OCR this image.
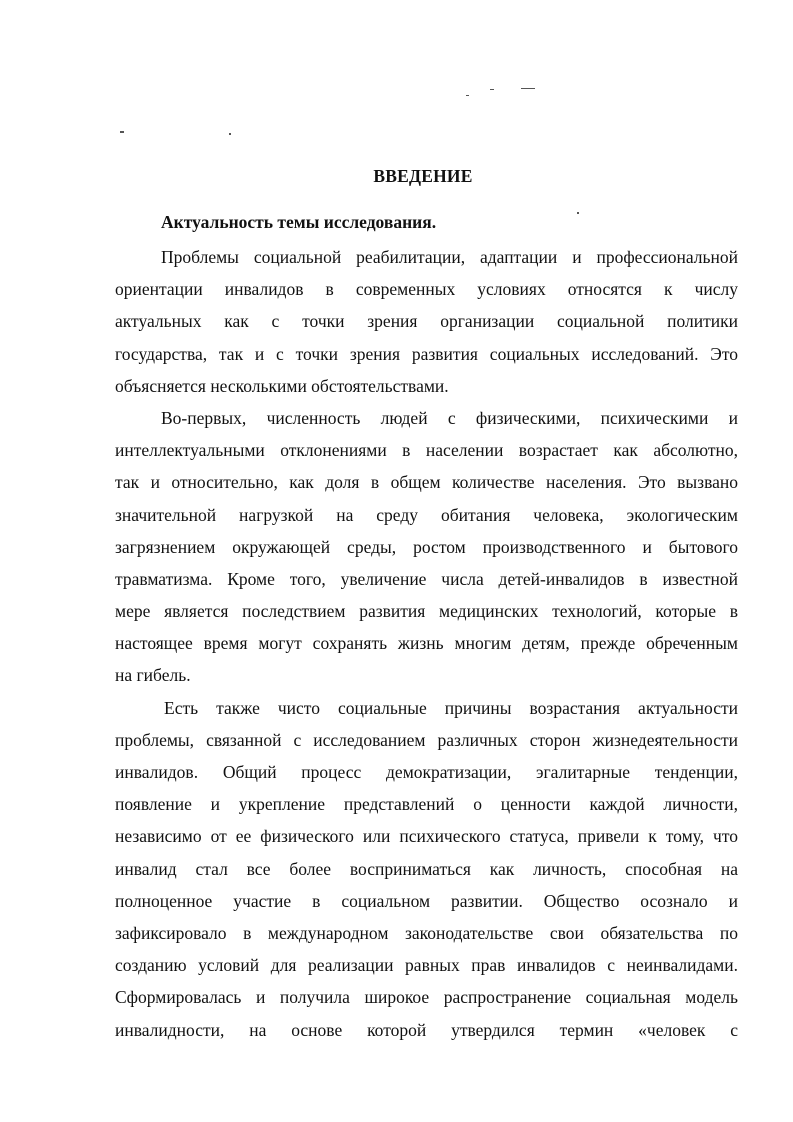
ВВЕДЕНИЕ
Актуальность темы исследования.
Проблемы социальной реабилитации, адаптации и профессиональной
ориентации инвалидов в современных условиях относятся к числу
актуальных как с точки зрения организации социальной политики
государства, так и с точки зрения развития социальных исследований. Это
объясняется несколькими обстоятельствами.
Во-первых, численность людей с физическими, психическими и
интеллектуальными отклонениями в населении возрастает как абсолютно,
так и относительно, как доля в общем количестве населения. Это вызвано
значительной нагрузкой на среду обитания человека, экологическим
загрязнением окружающей среды, ростом производственного и бытового
травматизма. Кроме того, увеличение числа детей-инвалидов в известной
мере является последствием развития медицинских технологий, которые в
настоящее время могут сохранять жизнь многим детям, прежде обреченным
на гибель.
Есть также чисто социальные причины возрастания актуальности
проблемы, связанной с исследованием различных сторон жизнедеятельности
инвалидов. Общий процесс демократизации, эгалитарные тенденции,
появление и укрепление представлений о ценности каждой личности,
независимо от ее физического или психического статуса, привели к тому, что
инвалид стал все более восприниматься как личность, способная на
полноценное участие в социальном развитии. Общество осознало и
зафиксировало в международном законодательстве свои обязательства по
созданию условий для реализации равных прав инвалидов с неинвалидами.
Сформировалась и получила широкое распространение социальная модель
инвалидности, на основе которой утвердился термин «человек с
